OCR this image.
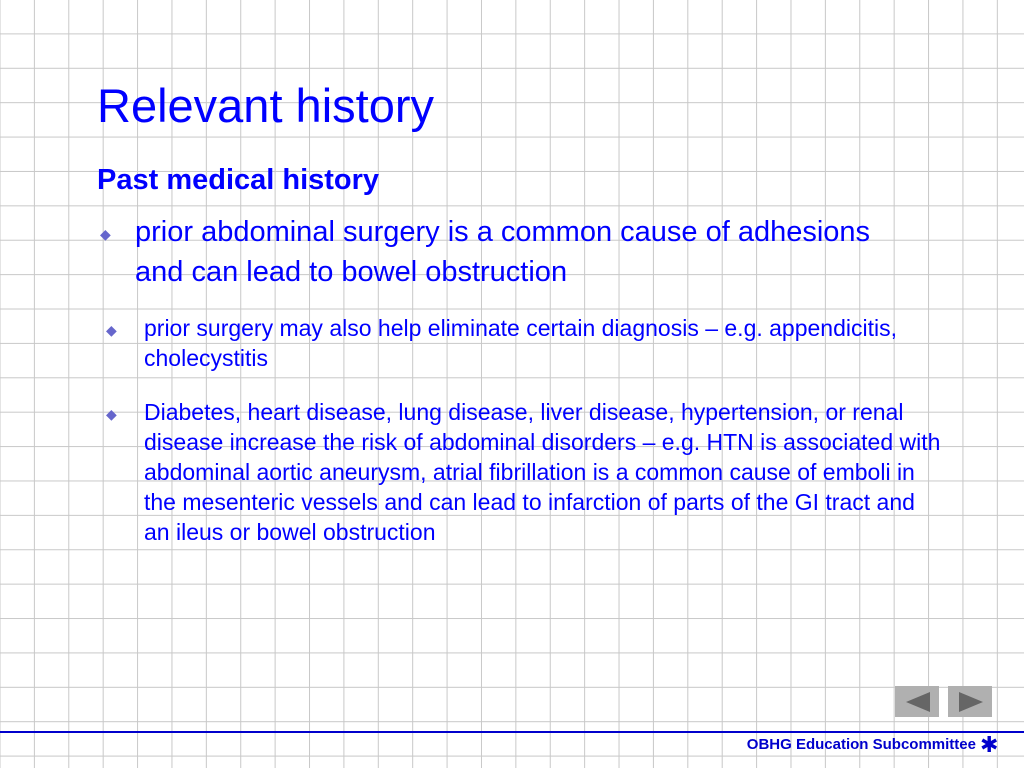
Relevant history
Past medical history
◆ prior abdominal surgery is a common cause of adhesions and can lead to bowel obstruction
◆ prior surgery may also help eliminate certain diagnosis – e.g. appendicitis, cholecystitis
◆ Diabetes, heart disease, lung disease, liver disease, hypertension, or renal disease increase the risk of abdominal disorders – e.g. HTN is associated with abdominal aortic aneurysm, atrial fibrillation is a common cause of emboli in the mesenteric vessels and can lead to infarction of parts of the GI tract and an ileus or bowel obstruction
OBHG Education Subcommittee ✱
